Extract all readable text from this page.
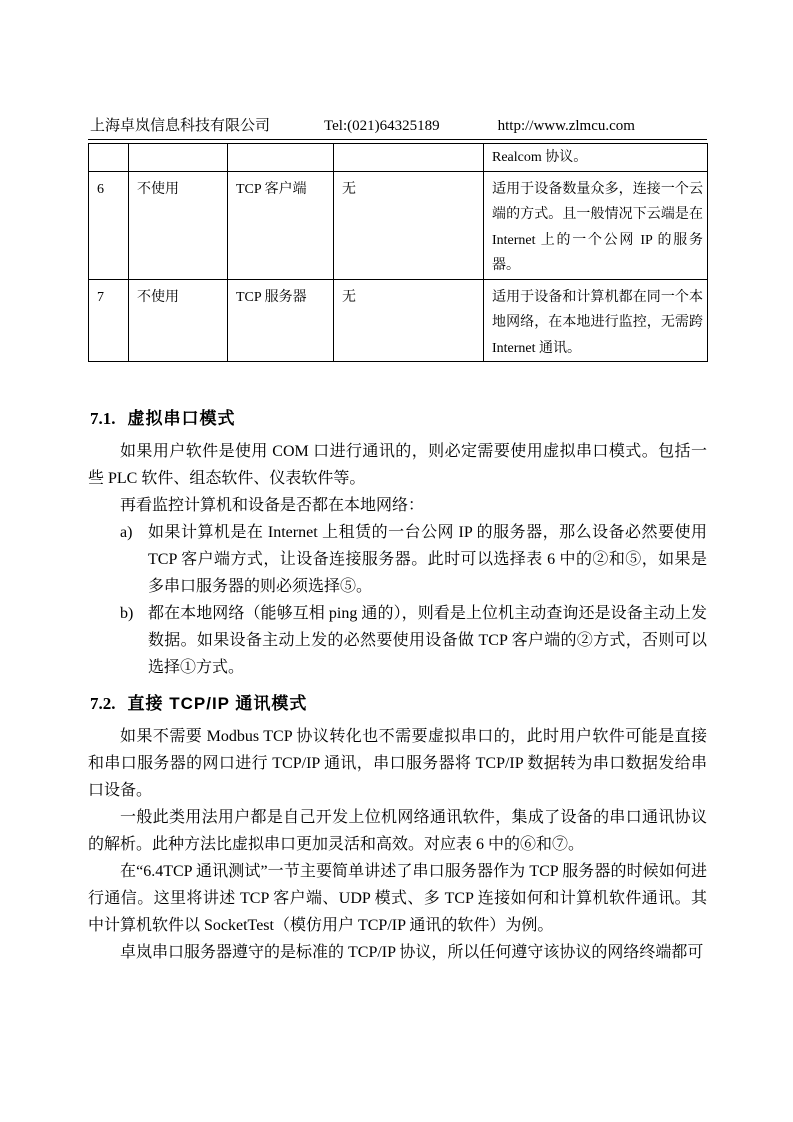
上海卓岚信息科技有限公司	Tel:(021)64325189	http://www.zlmcu.com
				Realcom 协议。
6	不使用	TCP 客户端	无	适用于设备数量众多，连接一个云端的方式。且一般情况下云端是在 Internet 上的一个公网 IP 的服务器。
7	不使用	TCP 服务器	无	适用于设备和计算机都在同一个本地网络，在本地进行监控，无需跨 Internet 通讯。
7.1. 虚拟串口模式

如果用户软件是使用 COM 口进行通讯的，则必定需要使用虚拟串口模式。包括一些 PLC 软件、组态软件、仪表软件等。

再看监控计算机和设备是否都在本地网络：

a) 如果计算机是在 Internet 上租赁的一台公网 IP 的服务器，那么设备必然要使用 TCP 客户端方式，让设备连接服务器。此时可以选择表 6 中的②和⑤，如果是多串口服务器的则必须选择⑤。
b) 都在本地网络（能够互相 ping 通的），则看是上位机主动查询还是设备主动上发数据。如果设备主动上发的必然要使用设备做 TCP 客户端的②方式，否则可以选择①方式。
7.2. 直接 TCP/IP 通讯模式

如果不需要 Modbus TCP 协议转化也不需要虚拟串口的，此时用户软件可能是直接和串口服务器的网口进行 TCP/IP 通讯，串口服务器将 TCP/IP 数据转为串口数据发给串口设备。

一般此类用法用户都是自己开发上位机网络通讯软件，集成了设备的串口通讯协议的解析。此种方法比虚拟串口更加灵活和高效。对应表 6 中的⑥和⑦。

在“6.4TCP 通讯测试”一节主要简单讲述了串口服务器作为 TCP 服务器的时候如何进行通信。这里将讲述 TCP 客户端、UDP 模式、多 TCP 连接如何和计算机软件通讯。其中计算机软件以 SocketTest（模仿用户 TCP/IP 通讯的软件）为例。

卓岚串口服务器遵守的是标准的 TCP/IP 协议，所以任何遵守该协议的网络终端都可
